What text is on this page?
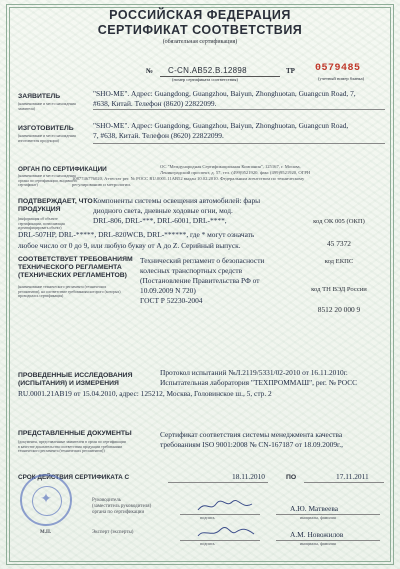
РОССИЙСКАЯ ФЕДЕРАЦИЯ
СЕРТИФИКАТ СООТВЕТСТВИЯ
(обязательная сертификация)
№ C-CN.AB52.B.12898
(номер сертификата соответствия)
ТР 0579485
(учетный номер бланка)
ЗАЯВИТЕЛЬ
(наименование и место нахождения заявителя)
"SHO-ME". Адрес: Guangdong, Guangzhou, Baiyun, Zhonghuotan, Guangcun Road, 7,
#638, Китай. Телефон (8620) 22822099.
ИЗГОТОВИТЕЛЬ
(наименование и место нахождения изготовителя продукции)
"SHO-ME". Адрес: Guangdong, Guangzhou, Baiyun, Zhonghuotan, Guangcun Road,
7, #638, Китай. Телефон (8620) 22822099.
ОРГАН ПО СЕРТИФИКАЦИИ
(наименование и место нахождения органа по сертификации, выдавшего сертификат)
ОС "Международная Сертификационная Компания", 125167, г. Москва,
Ленинградский проспект, д. 57, тел. (499)9521920, факс (499)9521920, ОГРН
1087746776020, Аттестат рег. № РОСС RU.0001.11АВ52 выдан 10.02.2010. Федеральным агентством по техническому
регулированию и метрологии.
ПОДТВЕРЖДАЕТ, ЧТО
ПРОДУКЦИЯ
(информация об объекте сертификации, позволяющая идентифицировать объект)
Компоненты системы освещения автомобилей: фары
диодного света, дневные ходовые огни, мод.
DRL-806, DRL-***, DRL-6001, DRL-****,
DRL-507HP, DRL-*****, DRL-820WCB, DRL-******, где * могут означать
любое число от 0 до 9, или любую букву от А до Z. Серийный выпуск.
код ОК 005 (ОКП)
45 7372
код ЕКПС
код ТН ВЭД России
8512 20 000 9
СООТВЕТСТВУЕТ ТРЕБОВАНИЯМ
ТЕХНИЧЕСКОГО РЕГЛАМЕНТА
(ТЕХНИЧЕСКИХ РЕГЛАМЕНТОВ)
(наименование технического регламента (технических регламентов), на соответствие требованиям которого (которых) проводилась сертификация)
Технический регламент о безопасности
колесных транспортных средств
(Постановление Правительства РФ от
10.09.2009 N 720)
ГОСТ Р 52230-2004
ПРОВЕДЕННЫЕ ИССЛЕДОВАНИЯ
(ИСПЫТАНИЯ) И ИЗМЕРЕНИЯ
Протокол испытаний №Л.2119/5331/02-2010 от 16.11.2010г.
Испытательная лаборатория "ТЕХПРОММАШ", рег. № РОСС
RU.0001.21АВ19 от 15.04.2010, адрес: 125212, Москва, Головинское ш., 5, стр. 2
ПРЕДСТАВЛЕННЫЕ ДОКУМЕНТЫ
(документы, представленные заявителем в орган по сертификации в качестве доказательства соответствия продукции требованиям технического регламента (технических регламентов))
Сертификат соответствия системы менеджмента качества
требованиям ISO 9001:2008 № CN-167187 от 18.09.2009г.,
СРОК ДЕЙСТВИЯ СЕРТИФИКАТА С	18.11.2010	ПО	17.11.2011
✦	Руководитель
(заместитель руководителя)
органа по сертификации
подпись
А.Ю. Матвеева
инициалы, фамилия
Эксперт (эксперты)
подпись
А.М. Новожилов
инициалы, фамилия
М.П.
